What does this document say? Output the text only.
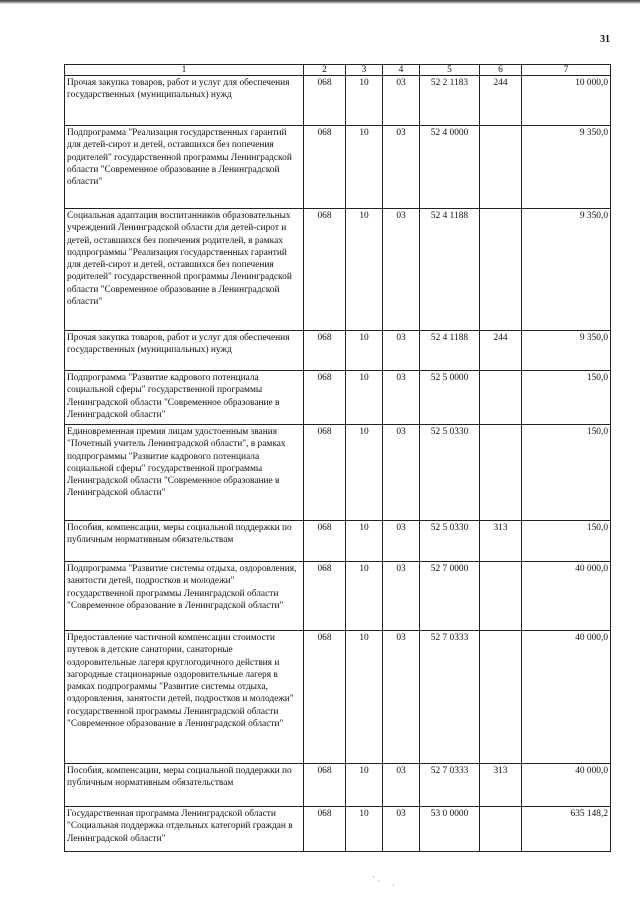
31
1	2	3	4	5	6	7
Прочая закупка товаров, работ и услуг для обеспечения государственных (муниципальных) нужд	068	10	03	52 2 1183	244	10 000,0
Подпрограмма "Реализация государственных гарантий для детей-сирот и детей, оставшихся без попечения родителей" государственной программы Ленинградской области "Современное образование в Ленинградской области"	068	10	03	52 4 0000		9 350,0
Социальная адаптация воспитанников образовательных учреждений Ленинградской области для детей-сирот и детей, оставшихся без попечения родителей, в рамках подпрограммы "Реализация государственных гарантий для детей-сирот и детей, оставшихся без попечения родителей" государственной программы Ленинградской области "Современное образование в Ленинградской области"	068	10	03	52 4 1188		9 350,0
Прочая закупка товаров, работ и услуг для обеспечения государственных (муниципальных) нужд	068	10	03	52 4 1188	244	9 350,0
Подпрограмма "Развитие кадрового потенциала социальной сферы" государственной программы Ленинградской области "Современное образование в Ленинградской области"	068	10	03	52 5 0000		150,0
Единовременная премия лицам удостоенным звания "Почетный учитель Ленинградской области", в рамках подпрограммы "Развитие кадрового потенциала социальной сферы" государственной программы Ленинградской области "Современное образование в Ленинградской области"	068	10	03	52 5 0330		150,0
Пособия, компенсации, меры социальной поддержки по публичным нормативным обязательствам	068	10	03	52 5 0330	313	150,0
Подпрограмма "Развитие системы отдыха, оздоровления, занятости детей, подростков и молодежи" государственной программы Ленинградской области "Современное образование в Ленинградской области"	068	10	03	52 7 0000		40 000,0
Предоставление частичной компенсации стоимости путевок в детские санатории, санаторные оздоровительные лагеря круглогодичного действия и загородные стационарные оздоровительные лагеря в рамках подпрограммы "Развитие системы отдыха, оздоровления, занятости детей, подростков и молодежи" государственной программы Ленинградской области "Современное образование в Ленинградской области"	068	10	03	52 7 0333		40 000,0
Пособия, компенсации, меры социальной поддержки по публичным нормативным обязательствам	068	10	03	52 7 0333	313	40 000,0
Государственная программа Ленинградской области "Социальная поддержка отдельных категорий граждан в Ленинградской области"	068	10	03	53 0 0000		635 148,2
· ˎ
·
